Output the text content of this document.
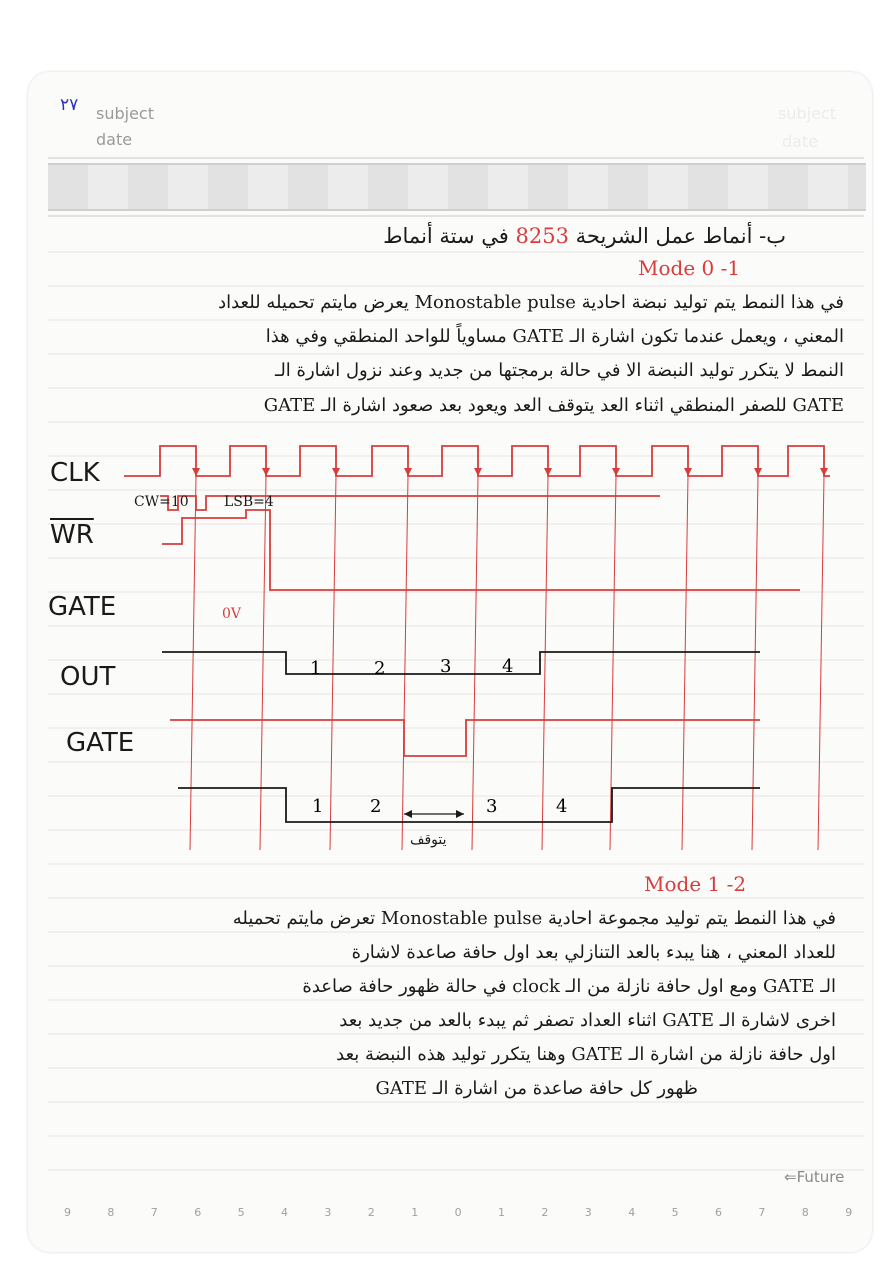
٢٧ subject
date
subject
date
ب- أنماط عمل الشريحة 8253 في ستة أنماط
Mode 0 -1
في هذا النمط يتم توليد نبضة احادية Monostable pulse يعرض مايتم تحميله للعداد
المعني ، ويعمل عندما تكون اشارة الـ GATE مساوياً للواحد المنطقي وفي هذا
النمط لا يتكرر توليد النبضة الا في حالة برمجتها من جديد وعند نزول اشارة الـ
GATE للصفر المنطقي اثناء العد يتوقف العد ويعود بعد صعود اشارة الـ GATE
CLK
$\overline{WR}$
GATE
OUT
GATE
CW=10	LSB=4
0V
1	2	3	4
1	2	3	4
يتوقف
Mode 1 -2
في هذا النمط يتم توليد مجموعة احادية Monostable pulse تعرض مايتم تحميله
للعداد المعني ، هنا يبدء بالعد التنازلي بعد اول حافة صاعدة لاشارة
الـ GATE ومع اول حافة نازلة من الـ clock في حالة ظهور حافة صاعدة
اخرى لاشارة الـ GATE اثناء العداد تصفر ثم يبدء بالعد من جديد بعد
اول حافة نازلة من اشارة الـ GATE وهنا يتكرر توليد هذه النبضة بعد
ظهور كل حافة صاعدة من اشارة الـ GATE
⇐Future
9	8	7	6	5	4	3	2	1	0	1	2	3	4	5	6	7	8	9
